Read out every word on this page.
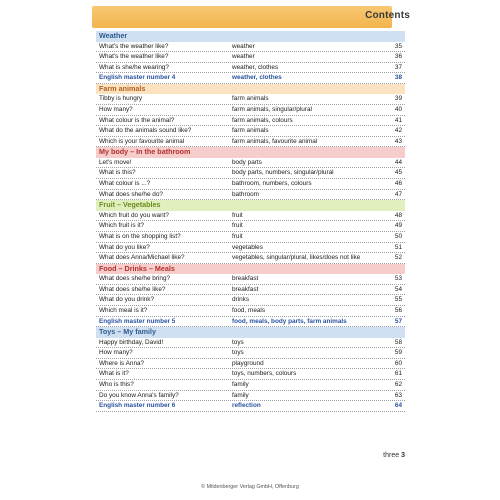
Contents
Weather
What's the weather like?	weather	35
What's the weather like?	weather	36
What is she/he wearing?	weather, clothes	37
English master number 4	weather, clothes	38
Farm animals
Tibby is hungry	farm animals	39
How many?	farm animals, singular/plural	40
What colour is the animal?	farm animals, colours	41
What do the animals sound like?	farm animals	42
Which is your favourite animal	farm animals, favourite animal	43
My body – In the bathroom
Let's move!	body parts	44
What is this?	body parts, numbers, singular/plural	45
What colour is ...?	bathroom, numbers, colours	46
What does she/he do?	bathroom	47
Fruit – Vegetables
Which fruit do you want?	fruit	48
Which fruit is it?	fruit	49
What is on the shopping list?	fruit	50
What do you like?	vegetables	51
What does Anna/Michael like?	vegetables, singular/plural, likes/does not like	52
Food – Drinks – Meals
What does she/he bring?	breakfast	53
What does she/he like?	breakfast	54
What do you drink?	drinks	55
Which meal is it?	food, meals	56
English master number 5	food, meals, body parts, farm animals	57
Toys – My family
Happy birthday, David!	toys	58
How many?	toys	59
Where is Anna?	playground	60
What is it?	toys, numbers, colours	61
Who is this?	family	62
Do you know Anna's family?	family	63
English master number 6	reflection	64
three 3
© Mildenberger Verlag GmbH, Offenburg
